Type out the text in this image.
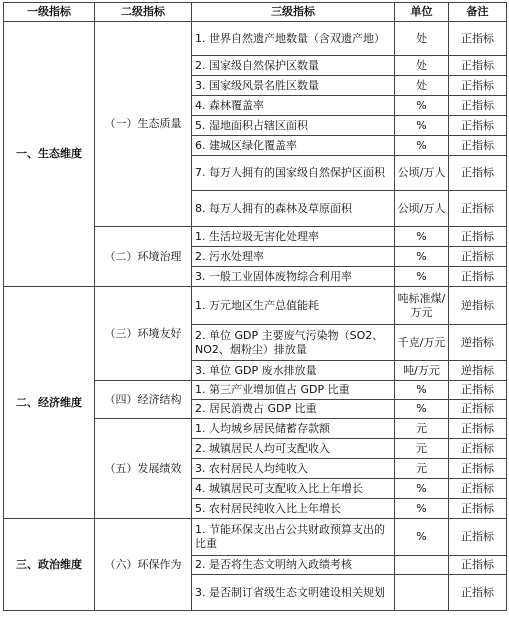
一级指标	二级指标	三级指标	单位	备注
一、生态维度	（一）生态质量	1. 世界自然遗产地数量（含双遗产地）	处	正指标
		2. 国家级自然保护区数量	处	正指标
		3. 国家级风景名胜区数量	处	正指标
		4. 森林覆盖率	%	正指标
		5. 湿地面积占辖区面积	%	正指标
		6. 建城区绿化覆盖率	%	正指标
		7. 每万人拥有的国家级自然保护区面积	公顷/万人	正指标
		8. 每万人拥有的森林及草原面积	公顷/万人	正指标
	（二）环境治理	1. 生活垃圾无害化处理率	%	正指标
		2. 污水处理率	%	正指标
		3. 一般工业固体废物综合利用率	%	正指标
二、经济维度	（三）环境友好	1. 万元地区生产总值能耗	吨标准煤/万元	逆指标
		2. 单位 GDP 主要废气污染物（SO2、NO2、烟粉尘）排放量	千克/万元	逆指标
		3. 单位 GDP 废水排放量	吨/万元	逆指标
	（四）经济结构	1. 第三产业增加值占 GDP 比重	%	正指标
		2. 居民消费占 GDP 比重	%	正指标
	（五）发展绩效	1. 人均城乡居民储蓄存款额	元	正指标
		2. 城镇居民人均可支配收入	元	正指标
		3. 农村居民人均纯收入	元	正指标
		4. 城镇居民可支配收入比上年增长	%	正指标
		5. 农村居民纯收入比上年增长	%	正指标
三、政治维度	（六）环保作为	1. 节能环保支出占公共财政预算支出的比重	%	正指标
		2. 是否将生态文明纳入政绩考核		正指标
		3. 是否制订省级生态文明建设相关规划		正指标
